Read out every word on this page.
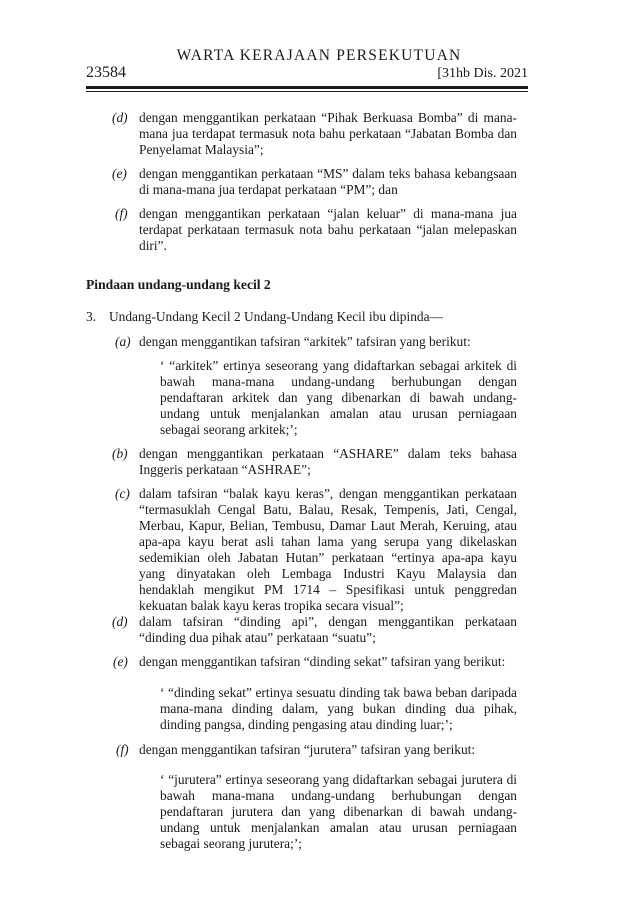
WARTA KERAJAAN PERSEKUTUAN
23584	[31hb Dis. 2021
(d) dengan menggantikan perkataan “Pihak Berkuasa Bomba” di mana-mana jua terdapat termasuk nota bahu perkataan “Jabatan Bomba dan Penyelamat Malaysia”;
(e) dengan menggantikan perkataan “MS” dalam teks bahasa kebangsaan di mana-mana jua terdapat perkataan “PM”; dan
(f) dengan menggantikan perkataan “jalan keluar” di mana-mana jua terdapat perkataan termasuk nota bahu perkataan “jalan melepaskan diri”.
Pindaan undang-undang kecil 2
3. Undang-Undang Kecil 2 Undang-Undang Kecil ibu dipinda—
(a) dengan menggantikan tafsiran “arkitek” tafsiran yang berikut:
‘ “arkitek” ertinya seseorang yang didaftarkan sebagai arkitek di bawah mana-mana undang-undang berhubungan dengan pendaftaran arkitek dan yang dibenarkan di bawah undang-undang untuk menjalankan amalan atau urusan perniagaan sebagai seorang arkitek;’;
(b) dengan menggantikan perkataan “ASHARE” dalam teks bahasa Inggeris perkataan “ASHRAE”;
(c) dalam tafsiran “balak kayu keras”, dengan menggantikan perkataan “termasuklah Cengal Batu, Balau, Resak, Tempenis, Jati, Cengal, Merbau, Kapur, Belian, Tembusu, Damar Laut Merah, Keruing, atau apa-apa kayu berat asli tahan lama yang serupa yang dikelaskan sedemikian oleh Jabatan Hutan” perkataan “ertinya apa-apa kayu yang dinyatakan oleh Lembaga Industri Kayu Malaysia dan hendaklah mengikut PM 1714 – Spesifikasi untuk penggredan kekuatan balak kayu keras tropika secara visual”;
(d) dalam tafsiran “dinding api”, dengan menggantikan perkataan “dinding dua pihak atau” perkataan “suatu”;
(e) dengan menggantikan tafsiran “dinding sekat” tafsiran yang berikut:
‘ “dinding sekat” ertinya sesuatu dinding tak bawa beban daripada mana-mana dinding dalam, yang bukan dinding dua pihak, dinding pangsa, dinding pengasing atau dinding luar;’;
(f) dengan menggantikan tafsiran “jurutera” tafsiran yang berikut:
‘ “jurutera” ertinya seseorang yang didaftarkan sebagai jurutera di bawah mana-mana undang-undang berhubungan dengan pendaftaran jurutera dan yang dibenarkan di bawah undang-undang untuk menjalankan amalan atau urusan perniagaan sebagai seorang jurutera;’;
